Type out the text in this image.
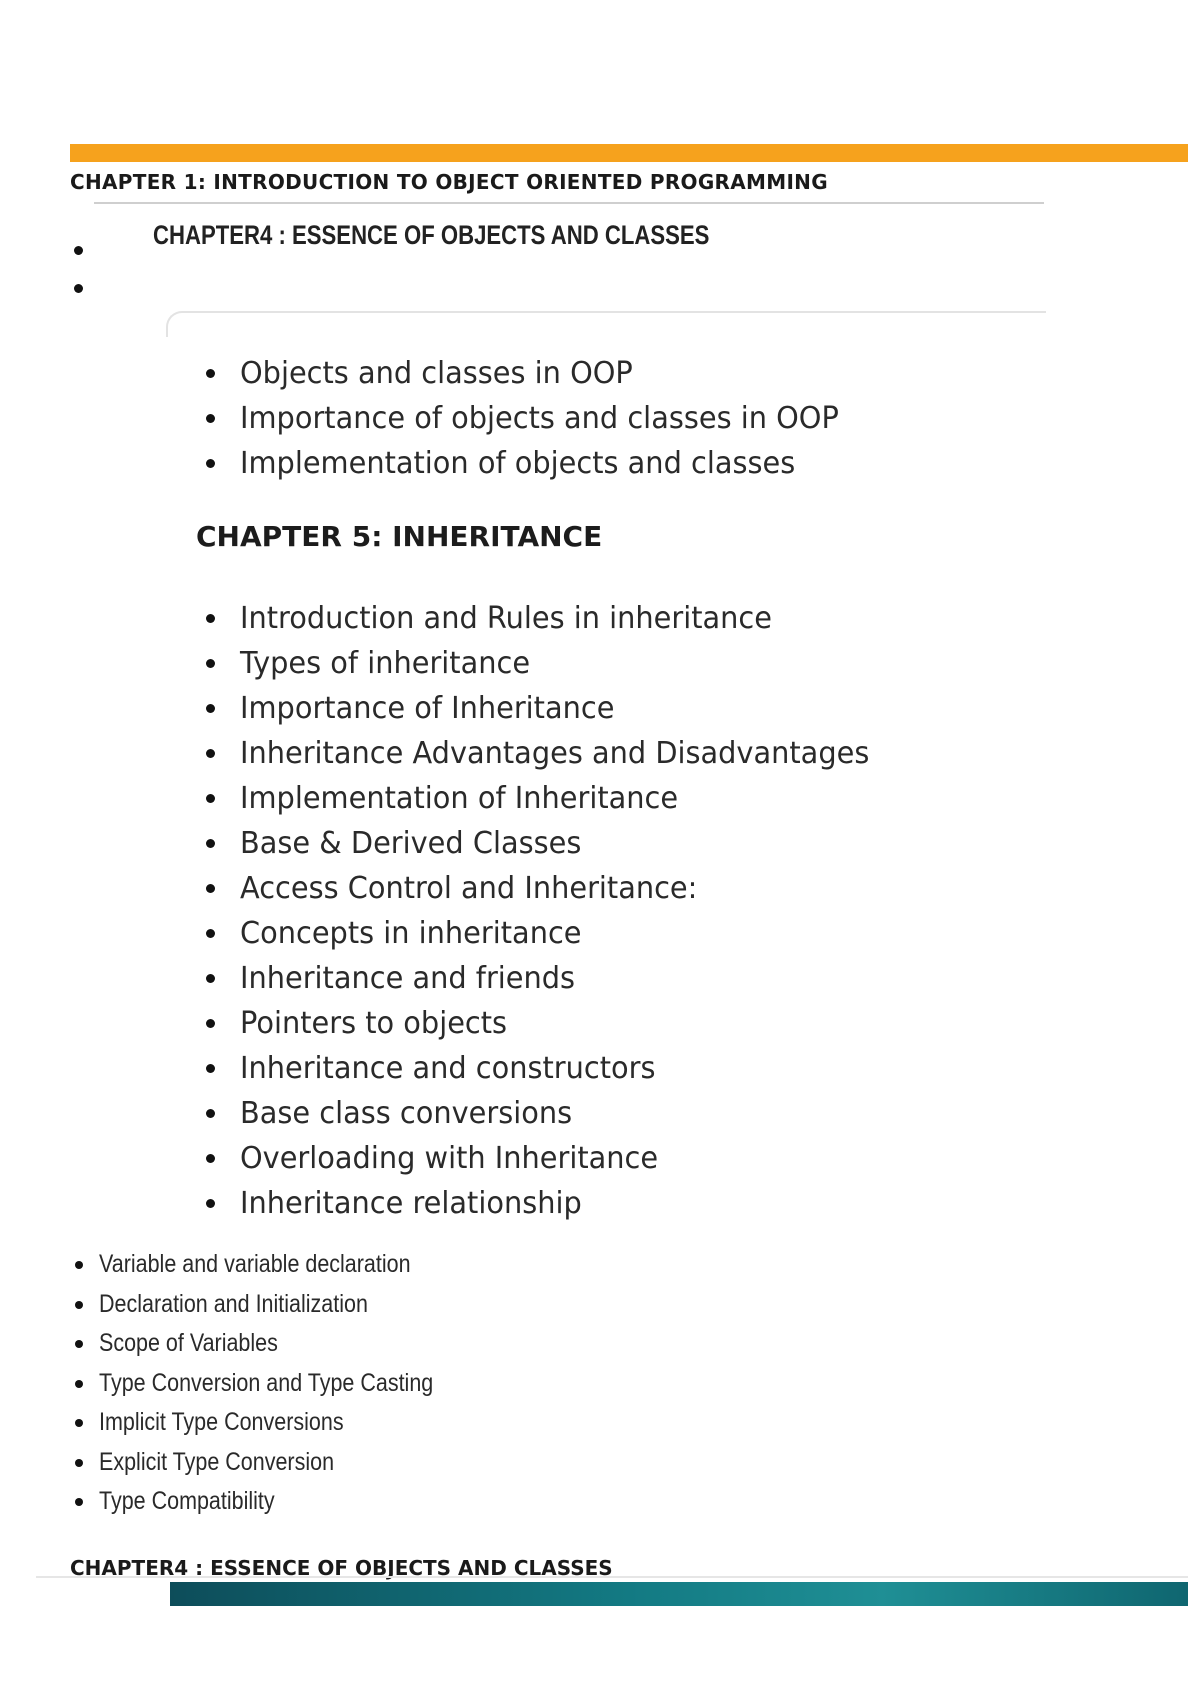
CHAPTER 1: INTRODUCTION TO OBJECT ORIENTED PROGRAMMING
CHAPTER4 : ESSENCE OF OBJECTS AND CLASSES
Objects and classes in OOP
Importance of objects and classes in OOP
Implementation of objects and classes
CHAPTER 5: INHERITANCE
Introduction and Rules in inheritance
Types of inheritance
Importance of Inheritance
Inheritance Advantages and Disadvantages
Implementation of Inheritance
Base & Derived Classes
Access Control and Inheritance:
Concepts in inheritance
Inheritance and friends
Pointers to objects
Inheritance and constructors
Base class conversions
Overloading with Inheritance
Inheritance relationship
Variable and variable declaration
Declaration and Initialization
Scope of Variables
Type Conversion and Type Casting
Implicit Type Conversions
Explicit Type Conversion
Type Compatibility
CHAPTER4 : ESSENCE OF OBJECTS AND CLASSES
